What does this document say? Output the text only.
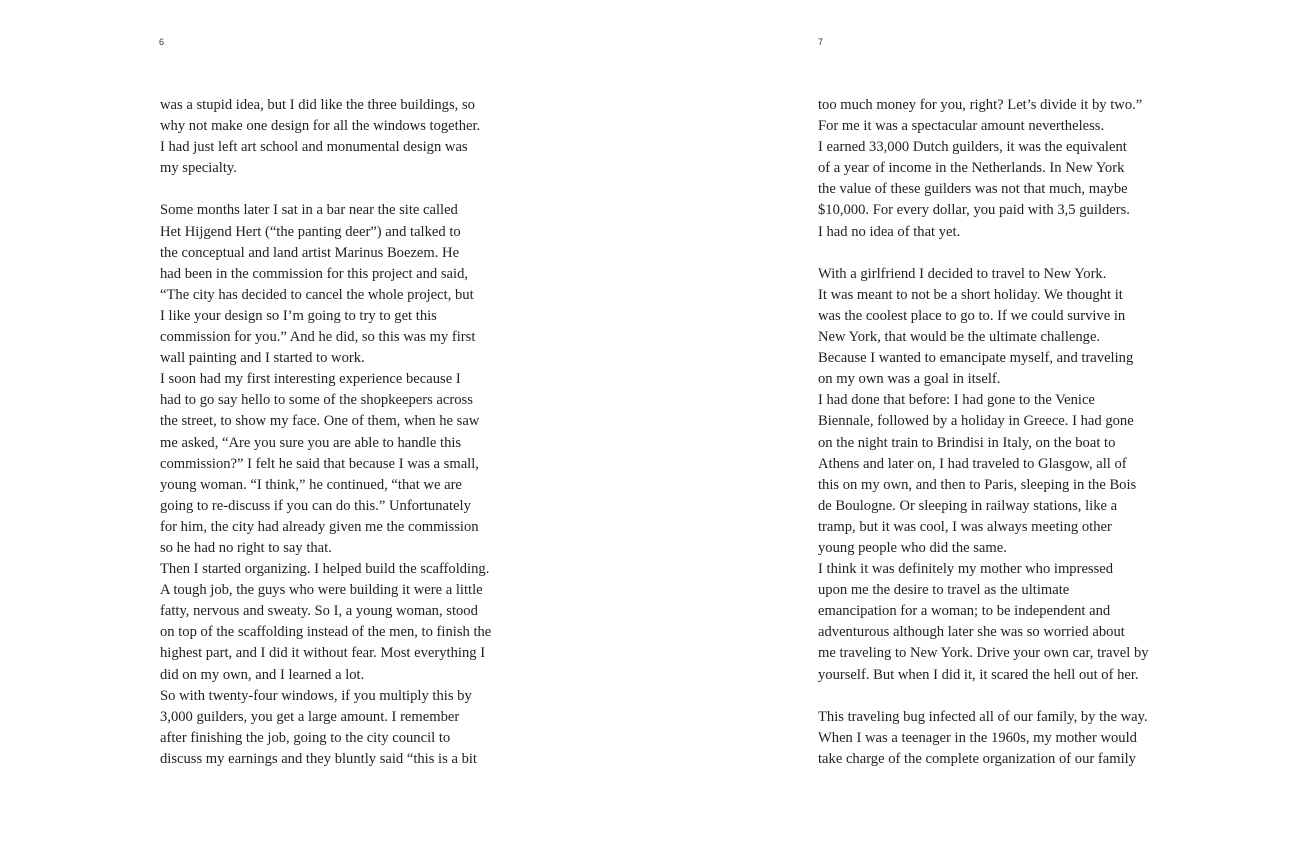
6
was a stupid idea, but I did like the three buildings, so
why not make one design for all the windows together.
I had just left art school and monumental design was
my specialty.
Some months later I sat in a bar near the site called
Het Hijgend Hert (“the panting deer”) and talked to
the conceptual and land artist Marinus Boezem. He
had been in the commission for this project and said,
“The city has decided to cancel the whole project, but
I like your design so I’m going to try to get this
commission for you.” And he did, so this was my first
wall painting and I started to work.
I soon had my first interesting experience because I
had to go say hello to some of the shopkeepers across
the street, to show my face. One of them, when he saw
me asked, “Are you sure you are able to handle this
commission?” I felt he said that because I was a small,
young woman. “I think,” he continued, “that we are
going to re-discuss if you can do this.” Unfortunately
for him, the city had already given me the commission
so he had no right to say that.
Then I started organizing. I helped build the scaffolding.
A tough job, the guys who were building it were a little
fatty, nervous and sweaty. So I, a young woman, stood
on top of the scaffolding instead of the men, to finish the
highest part, and I did it without fear. Most everything I
did on my own, and I learned a lot.
So with twenty-four windows, if you multiply this by
3,000 guilders, you get a large amount. I remember
after finishing the job, going to the city council to
discuss my earnings and they bluntly said “this is a bit
7
too much money for you, right? Let’s divide it by two.”
For me it was a spectacular amount nevertheless.
I earned 33,000 Dutch guilders, it was the equivalent
of a year of income in the Netherlands. In New York
the value of these guilders was not that much, maybe
$10,000. For every dollar, you paid with 3,5 guilders.
I had no idea of that yet.
With a girlfriend I decided to travel to New York.
It was meant to not be a short holiday. We thought it
was the coolest place to go to. If we could survive in
New York, that would be the ultimate challenge.
Because I wanted to emancipate myself, and traveling
on my own was a goal in itself.
I had done that before: I had gone to the Venice
Biennale, followed by a holiday in Greece. I had gone
on the night train to Brindisi in Italy, on the boat to
Athens and later on, I had traveled to Glasgow, all of
this on my own, and then to Paris, sleeping in the Bois
de Boulogne. Or sleeping in railway stations, like a
tramp, but it was cool, I was always meeting other
young people who did the same.
I think it was definitely my mother who impressed
upon me the desire to travel as the ultimate
emancipation for a woman; to be independent and
adventurous although later she was so worried about
me traveling to New York. Drive your own car, travel by
yourself. But when I did it, it scared the hell out of her.
This traveling bug infected all of our family, by the way.
When I was a teenager in the 1960s, my mother would
take charge of the complete organization of our family
